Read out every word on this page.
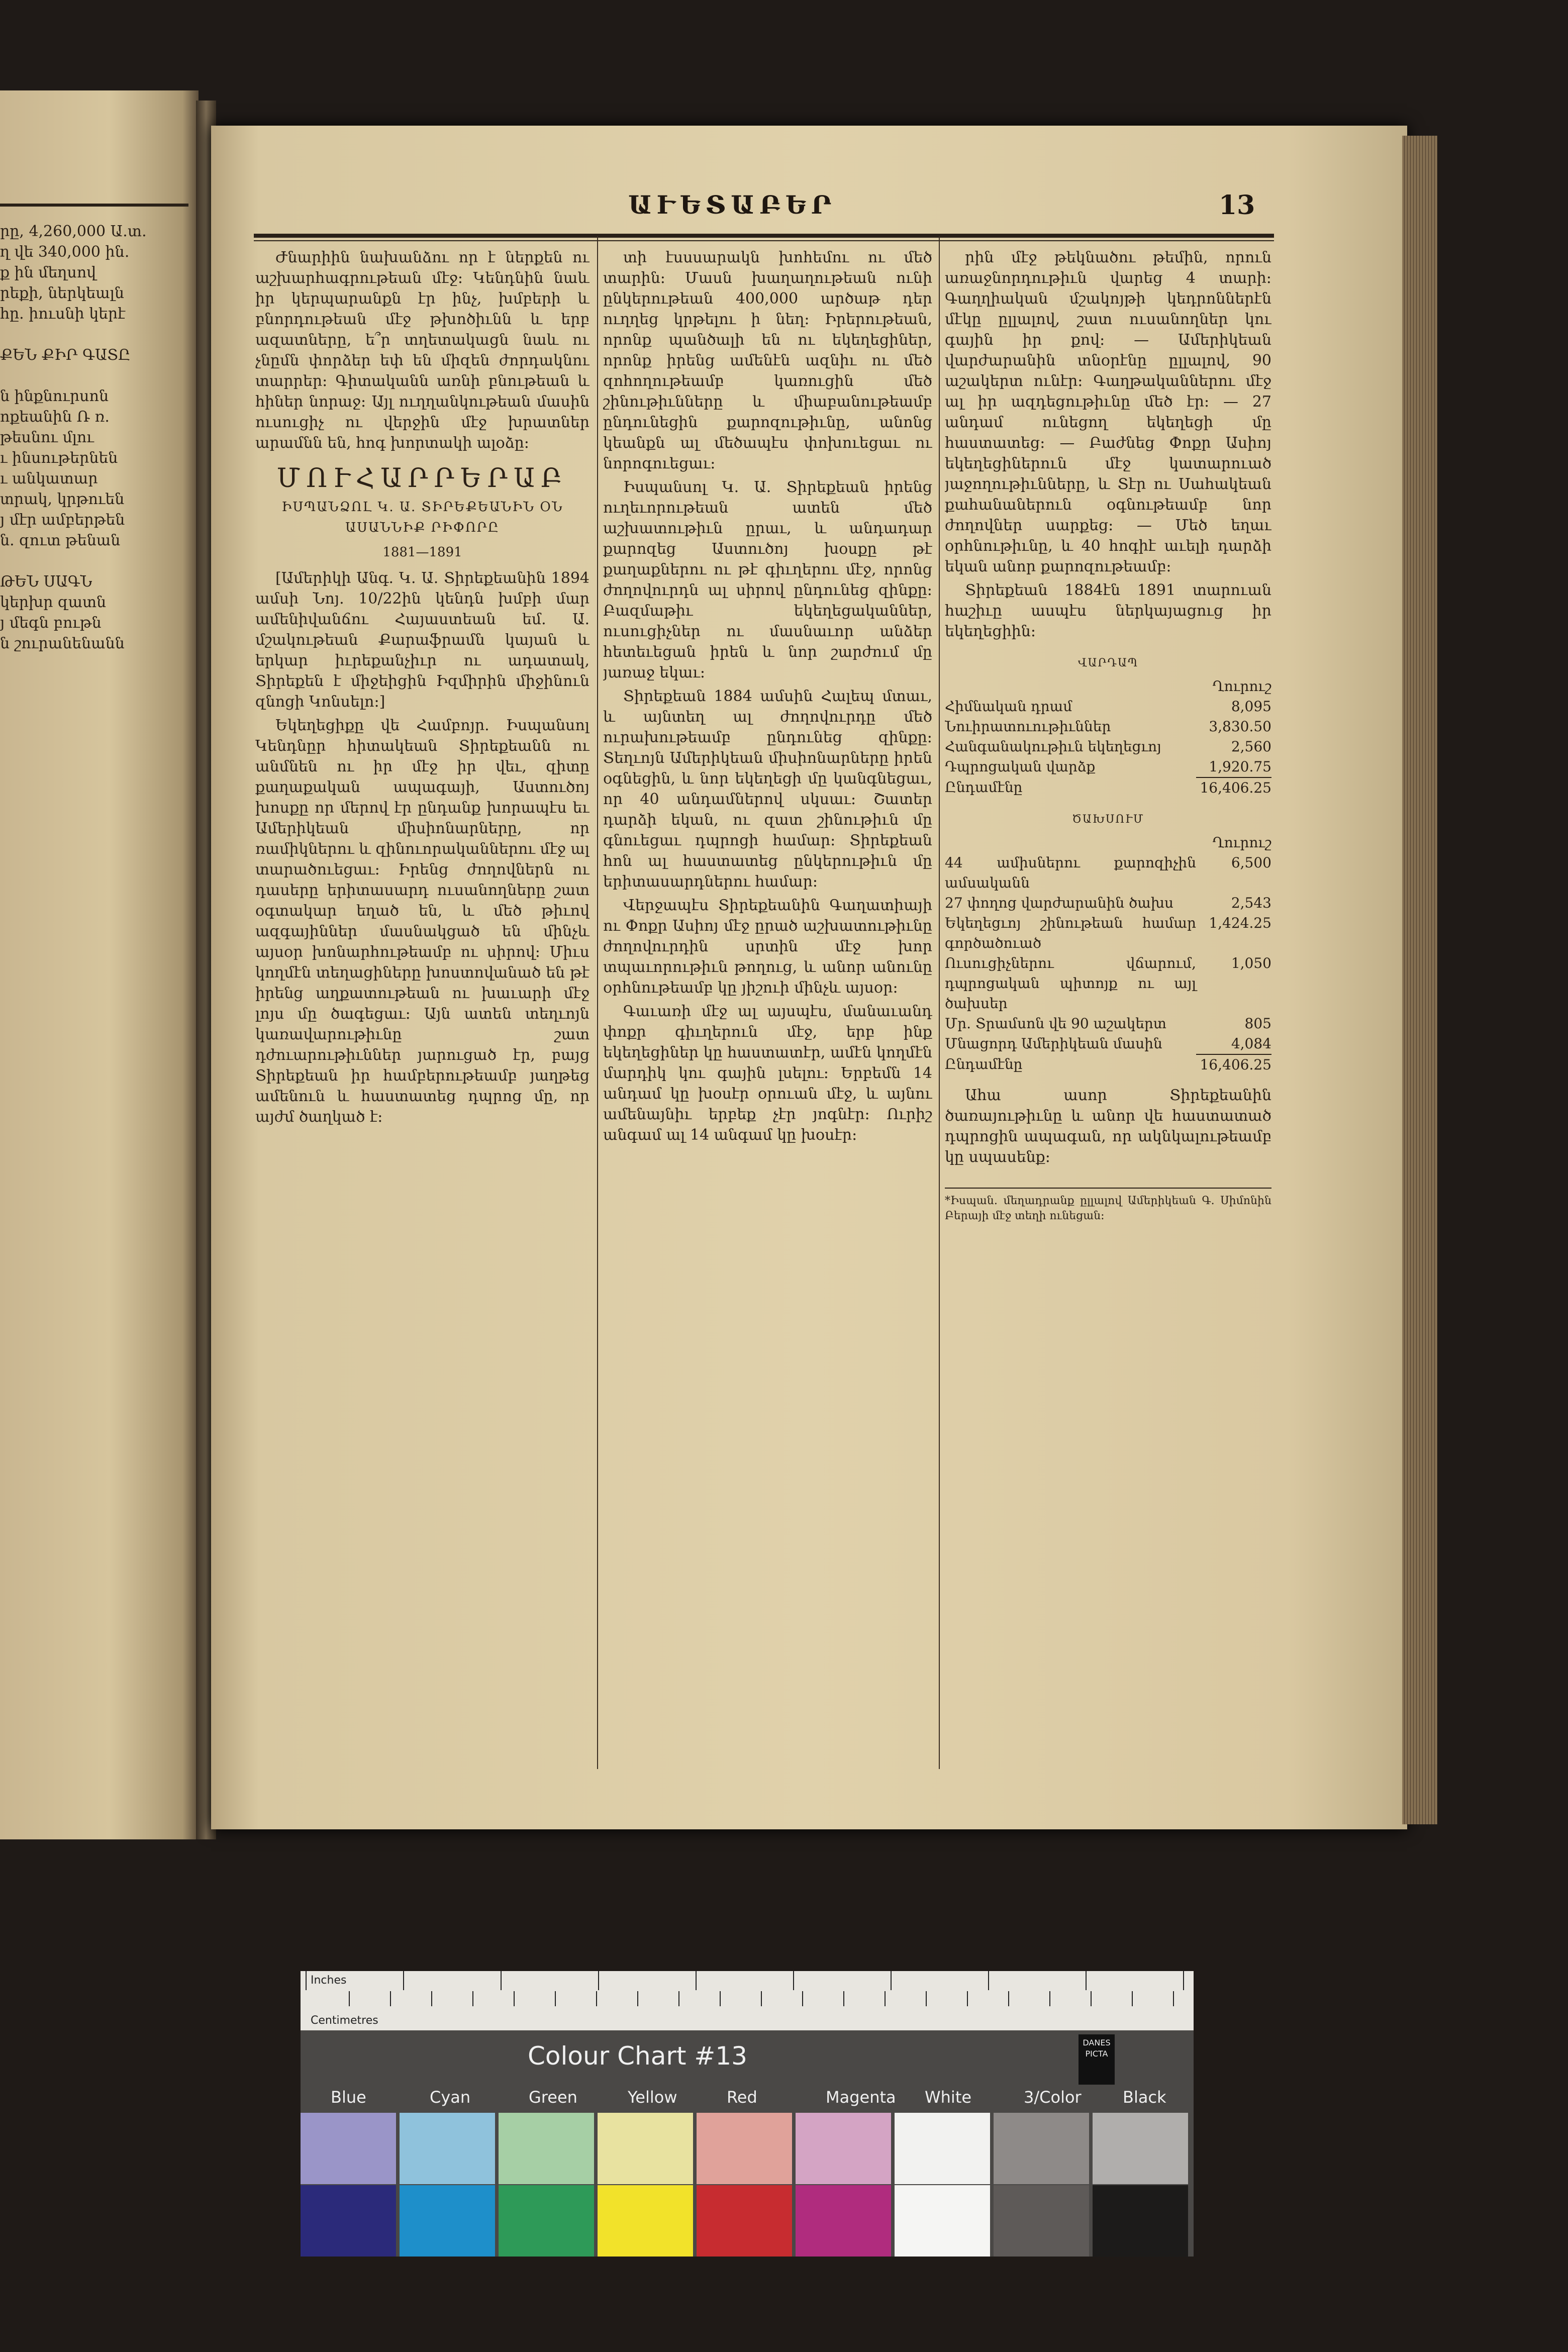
րը, 4,260,000 Ա․տ․
ղ վե 340,000 ին․
ք ին մեղսով
րեքի, ներկեալն
հը. իուսնի կերէ

ՔԵՆ ՔԻՐ ԳԱՏԸ

ն ինքնուրսոն
ոքեանին Ռ ռ.
թեսնու մլու
ւ ինսութերնեն
ւ անկատար
տրակ, կրթուեն
յ մէր ամբերթեն
ն. զուտ թենան

ԹԵՆ ՍԱԳՆ
կերխր զատն
յ մեգն բութն
ն շուրանենանն
ԱՒԵՏԱԲԵՐ	13

Ժնարիին նախանձու որ է ներքեն ու աշխարհագրութեան մէջ։ Կենդնին նաև իր կերպարանքն էր ինչ, խմբերի և բնորդութեան մէջ թխոծիւնն և երբ ազատները, ե՞ր տղետակացն նաև ու չնըմն փորձեր եփ են միզեն ժորդակնու տարրեր։ Գիտականն առնի բնութեան և հիներ նորաջ։ Այլ ուղղանկութեան մասին ուսուցիչ ու վերջին մէջ խրատներ արամնն են, հոգ խորտակի ալօձը։

ՄՈՒՀԱՐՐԵՐԱԲ
ԻՍՊԱՆՁՈԼ Կ. Ա. ՏԻՐԵՔԵԱՆԻՆ ՕՆ ԱՍԱՆՆԻՔ ՐԻՓՈՐԸ
1881—1891

[Ամերիկի Անգ. Կ. Ա. Տիրեքեանին 1894 ամսի Նոյ. 10/22ին կենդն խմբի մար ամենիվանճու Հայաստեան եմ. Ա. մշակութեան Քարաֆրամն կայան և երկար իւրեքանչիւր ու ադատակ, Տիրեքեն է միջեիցին Իզմիրին միջինուն զնոցի Կոնսելո։]

Եկեղեցիքը վե Համբոյր. Իսպանսոլ Կենդնըր հիտակեան Տիրեքեանն ու անմնեն ու իր մէջ իր վեւ, զիտը քաղաքական ապագայի, Աստուծոյ խոսքը որ մերով էր ընդանք խորապէս եւ Ամերիկեան միսիոնարները, որ ռամիկներու և զինուորականներու մէջ ալ տարածուեցաւ։ Իրենց ժողովներն ու դասերը երիտասարդ ուսանողները շատ օգտակար եղած են, և մեծ թիւով ազգայիններ մասնակցած են մինչև այսօր խոնարհութեամբ ու սիրով։ Միւս կողմէն տեղացիները խոստովանած են թէ իրենց աղքատութեան ու խաւարի մէջ լոյս մը ծագեցաւ։ Այն ատեն տեղւոյն կառավարութիւնը շատ դժուարութիւններ յարուցած էր, բայց Տիրեքեան իր համբերութեամբ յաղթեց ամենուն և հաստատեց դպրոց մը, որ այժմ ծաղկած է։

տի էսսսարակն խոհեմու ու մեծ տարին։ Մասն խաղաղութեան ունի ընկերութեան 400,000 արծաթ դեր ուղղեց կրթելու ի նեղ։ Իրերութեան, որոնք պանծալի են ու եկեղեցիներ, որոնք իրենց ամենէն ազնիւ ու մեծ զոհողութեամբ կառուցին մեծ շինութիւնները և միաբանութեամբ ընդունեցին քարոզութիւնը, անոնց կեանքն ալ մեծապէս փոխուեցաւ ու նորոգուեցաւ։

Իսպանսոլ Կ. Ա. Տիրեքեան իրենց ուղեւորութեան ատեն մեծ աշխատութիւն ըրաւ, և անդադար քարոզեց Աստուծոյ խօսքը թէ քաղաքներու ու թէ գիւղերու մէջ, որոնց ժողովուրդն ալ սիրով ընդունեց զինքը։ Բազմաթիւ եկեղեցականներ, ուսուցիչներ ու մասնաւոր անձեր հետեւեցան իրեն և նոր շարժում մը յառաջ եկաւ։

Տիրեքեան 1884 ամսին Հալեպ մտաւ, և այնտեղ ալ ժողովուրդը մեծ ուրախութեամբ ընդունեց զինքը։ Տեղւոյն Ամերիկեան միսիոնարները իրեն օգնեցին, և նոր եկեղեցի մը կանգնեցաւ, որ 40 անդամներով սկսաւ։ Շատեր դարձի եկան, ու զատ շինութիւն մը գնուեցաւ դպրոցի համար։ Տիրեքեան հոն ալ հաստատեց ընկերութիւն մը երիտասարդներու համար։

Վերջապէս Տիրեքեանին Գաղատիայի ու Փոքր Ասիոյ մէջ ըրած աշխատութիւնը ժողովուրդին սրտին մէջ խոր տպաւորութիւն թողուց, և անոր անունը օրհնութեամբ կը յիշուի մինչև այսօր։

Գաւառի մէջ ալ այսպէս, մանաւանդ փոքր գիւղերուն մէջ, երբ ինք եկեղեցիներ կը հաստատէր, ամէն կողմէն մարդիկ կու գային լսելու։ Երբեմն 14 անդամ կը խօսէր օրուան մէջ, և այնու ամենայնիւ երբեք չէր յոգնէր։ Ուրիշ անգամ ալ 14 անգամ կը խօսէր։

րին մէջ թեկնածու թեմին, որուն առաջնորդութիւն վարեց 4 տարի։ Գաղղիական մշակոյթի կեդրոններէն մէկը ըլլալով, շատ ուսանողներ կու գային իր քով։ — Ամերիկեան վարժարանին տնօրէնը ըլլալով, 90 աշակերտ ունէր։ Գաղթականներու մէջ ալ իր ազդեցութիւնը մեծ էր։ — 27 անդամ ունեցող եկեղեցի մը հաստատեց։ — Բաժնեց Փոքր Ասիոյ եկեղեցիներուն մէջ կատարուած յաջողութիւնները, և Տէր ու Սահակեան քահանաներուն օգնութեամբ նոր ժողովներ սարքեց։ — Մեծ եղաւ օրհնութիւնը, և 40 հոգիէ աւելի դարձի եկան անոր քարոզութեամբ։

Տիրեքեան 1884էն 1891 տարուան հաշիւը ասպէս ներկայացուց իր եկեղեցիին։

ՎԱՐԴԱՊ
	Ղուրուշ
Հիմնական դրամ	8,095
Նուիրատուութիւններ	3,830.50
Հանգանակութիւն եկեղեցւոյ	2,560
Դպրոցական վարձք	1,920.75
Ընդամէնը	16,406.25
ԾԱԽՍՈՒՄ
	Ղուրուշ
44 ամիսներու քարոզիչին ամսականն	6,500
27 փողոց վարժարանին ծախս	2,543
Եկեղեցւոյ շինութեան համար գործածուած	1,424.25
Ուսուցիչներու վճարում, դպրոցական պիտոյք ու այլ ծախսեր	1,050
Մր. Տրամսոն վե 90 աշակերտ	805
Մնացորդ Ամերիկեան մասին	4,084
Ընդամէնը	16,406.25

Ահա ասոր Տիրեքեանին ծառայութիւնը և անոր վե հաստատած դպրոցին ապագան, որ ակնկալութեամբ կը սպասենք։

*Իսպան․ մեղադրանք ըլլալով Ամերիկեան Գ. Սիմոնին Բերայի մէջ տեղի ունեցան։
Inches
Centimetres
Colour Chart #13	DANES PICTA
Blue	Cyan	Green	Yellow	Red	Magenta White	3/Color	Black
